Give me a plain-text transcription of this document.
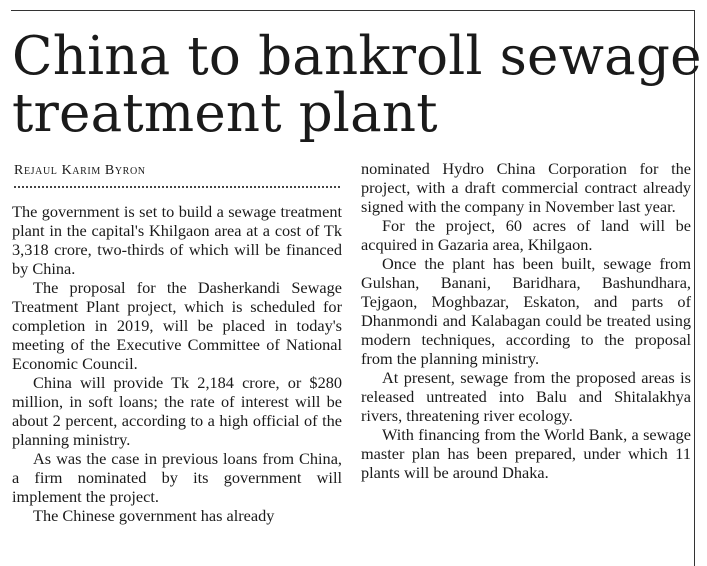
China to bankroll sewage treatment plant
Rejaul Karim Byron

The government is set to build a sewage treatment plant in the capital's Khilgaon area at a cost of Tk 3,318 crore, two-thirds of which will be financed by China.

The proposal for the Dasherkandi Sewage Treatment Plant project, which is scheduled for completion in 2019, will be placed in today's meeting of the Executive Committee of National Economic Council.

China will provide Tk 2,184 crore, or $280 million, in soft loans; the rate of interest will be about 2 percent, according to a high official of the planning ministry.

As was the case in previous loans from China, a firm nominated by its government will implement the project.

The Chinese government has already

nominated Hydro China Corporation for the project, with a draft commercial contract already signed with the company in November last year.

For the project, 60 acres of land will be acquired in Gazaria area, Khilgaon.

Once the plant has been built, sewage from Gulshan, Banani, Baridhara, Bashundhara, Tejgaon, Moghbazar, Eskaton, and parts of Dhanmondi and Kalabagan could be treated using modern techniques, according to the proposal from the planning ministry.

At present, sewage from the proposed areas is released untreated into Balu and Shitalakhya rivers, threatening river ecology.

With financing from the World Bank, a sewage master plan has been prepared, under which 11 plants will be around Dhaka.
